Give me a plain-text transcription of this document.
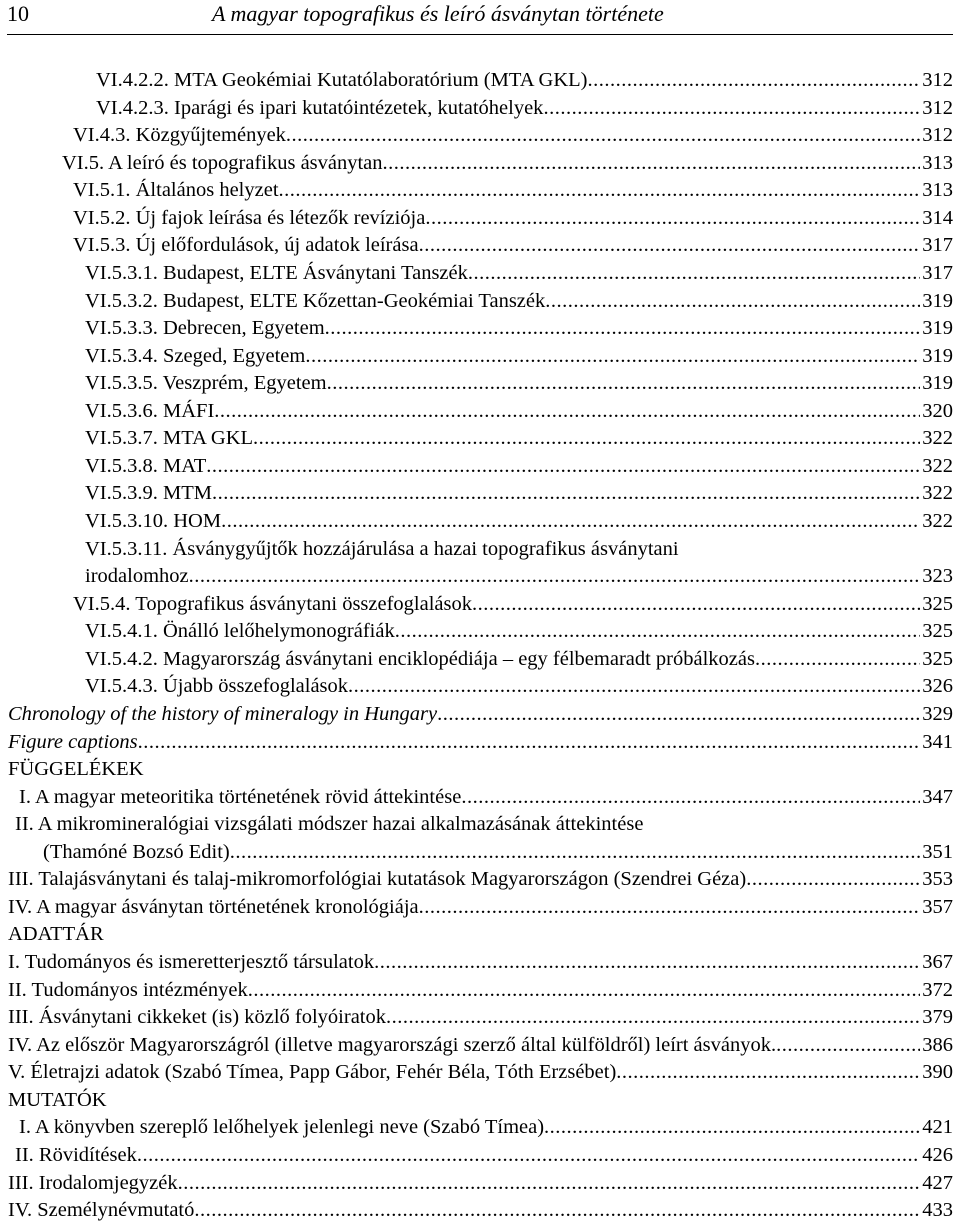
10	A magyar topografikus és leíró ásványtan története
VI.4.2.2. MTA Geokémiai Kutatólaboratórium (MTA GKL) .....	312
VI.4.2.3. Iparági és ipari kutatóintézetek, kutatóhelyek .....	312
VI.4.3. Közgyűjtemények .....	312
VI.5. A leíró és topografikus ásványtan .....	313
VI.5.1. Általános helyzet .....	313
VI.5.2. Új fajok leírása és létezők revíziója .....	314
VI.5.3. Új előfordulások, új adatok leírása .....	317
VI.5.3.1. Budapest, ELTE Ásványtani Tanszék .....	317
VI.5.3.2. Budapest, ELTE Kőzettan-Geokémiai Tanszék .....	319
VI.5.3.3. Debrecen, Egyetem .....	319
VI.5.3.4. Szeged, Egyetem .....	319
VI.5.3.5. Veszprém, Egyetem .....	319
VI.5.3.6. MÁFI .....	320
VI.5.3.7. MTA GKL .....	322
VI.5.3.8. MAT .....	322
VI.5.3.9. MTM .....	322
VI.5.3.10. HOM .....	322
VI.5.3.11. Ásványgyűjtők hozzájárulása a hazai topografikus ásványtani
irodalomhoz .....	323
VI.5.4. Topografikus ásványtani összefoglalások .....	325
VI.5.4.1. Önálló lelőhelymonográfiák .....	325
VI.5.4.2. Magyarország ásványtani enciklopédiája – egy félbemaradt próbálkozás .....	325
VI.5.4.3. Újabb összefoglalások .....	326
Chronology of the history of mineralogy in Hungary .....	329
Figure captions .....	341
FÜGGELÉKEK
I. A magyar meteoritika történetének rövid áttekintése .....	347
II. A mikromineralógiai vizsgálati módszer hazai alkalmazásának áttekintése
(Thamóné Bozsó Edit) .....	351
III. Talajásványtani és talaj-mikromorfológiai kutatások Magyarországon (Szendrei Géza) .....	353
IV. A magyar ásványtan történetének kronológiája .....	357
ADATTÁR
I. Tudományos és ismeretterjesztő társulatok .....	367
II. Tudományos intézmények .....	372
III. Ásványtani cikkeket (is) közlő folyóiratok .....	379
IV. Az először Magyarországról (illetve magyarországi szerző által külföldről) leírt ásványok. .....	386
V. Életrajzi adatok (Szabó Tímea, Papp Gábor, Fehér Béla, Tóth Erzsébet) .....	390
MUTATÓK
I. A könyvben szereplő lelőhelyek jelenlegi neve (Szabó Tímea) .....	421
II. Rövidítések .....	426
III. Irodalomjegyzék .....	427
IV. Személynévmutató .....	433
